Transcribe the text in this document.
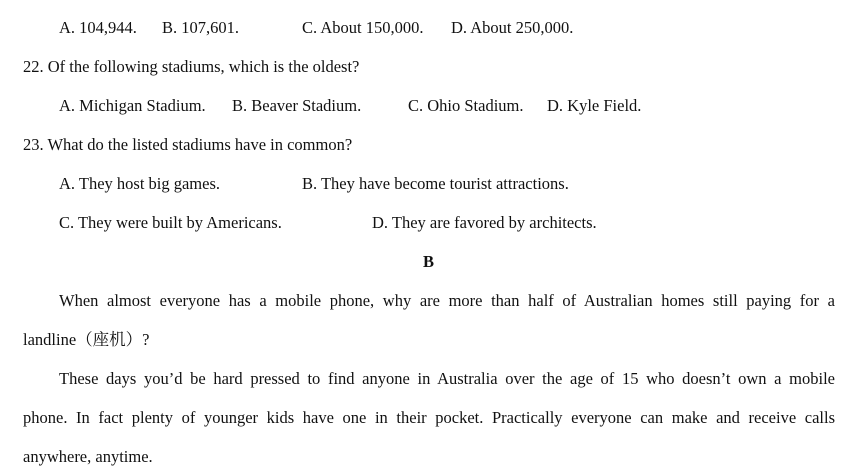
A. 104,944. B. 107,601.	C. About 150,000. D. About 250,000.
22. Of the following stadiums, which is the oldest?
A. Michigan Stadium. B. Beaver Stadium.	C. Ohio Stadium. D. Kyle Field.
23. What do the listed stadiums have in common?
A. They host big games.	B. They have become tourist attractions.
C. They were built by Americans.	D. They are favored by architects.
B
When almost everyone has a mobile phone, why are more than half of Australian homes still paying for a
landline（座机）?
These days you’d be hard pressed to find anyone in Australia over the age of 15 who doesn’t own a mobile
phone. In fact plenty of younger kids have one in their pocket. Practically everyone can make and receive calls
anywhere, anytime.
